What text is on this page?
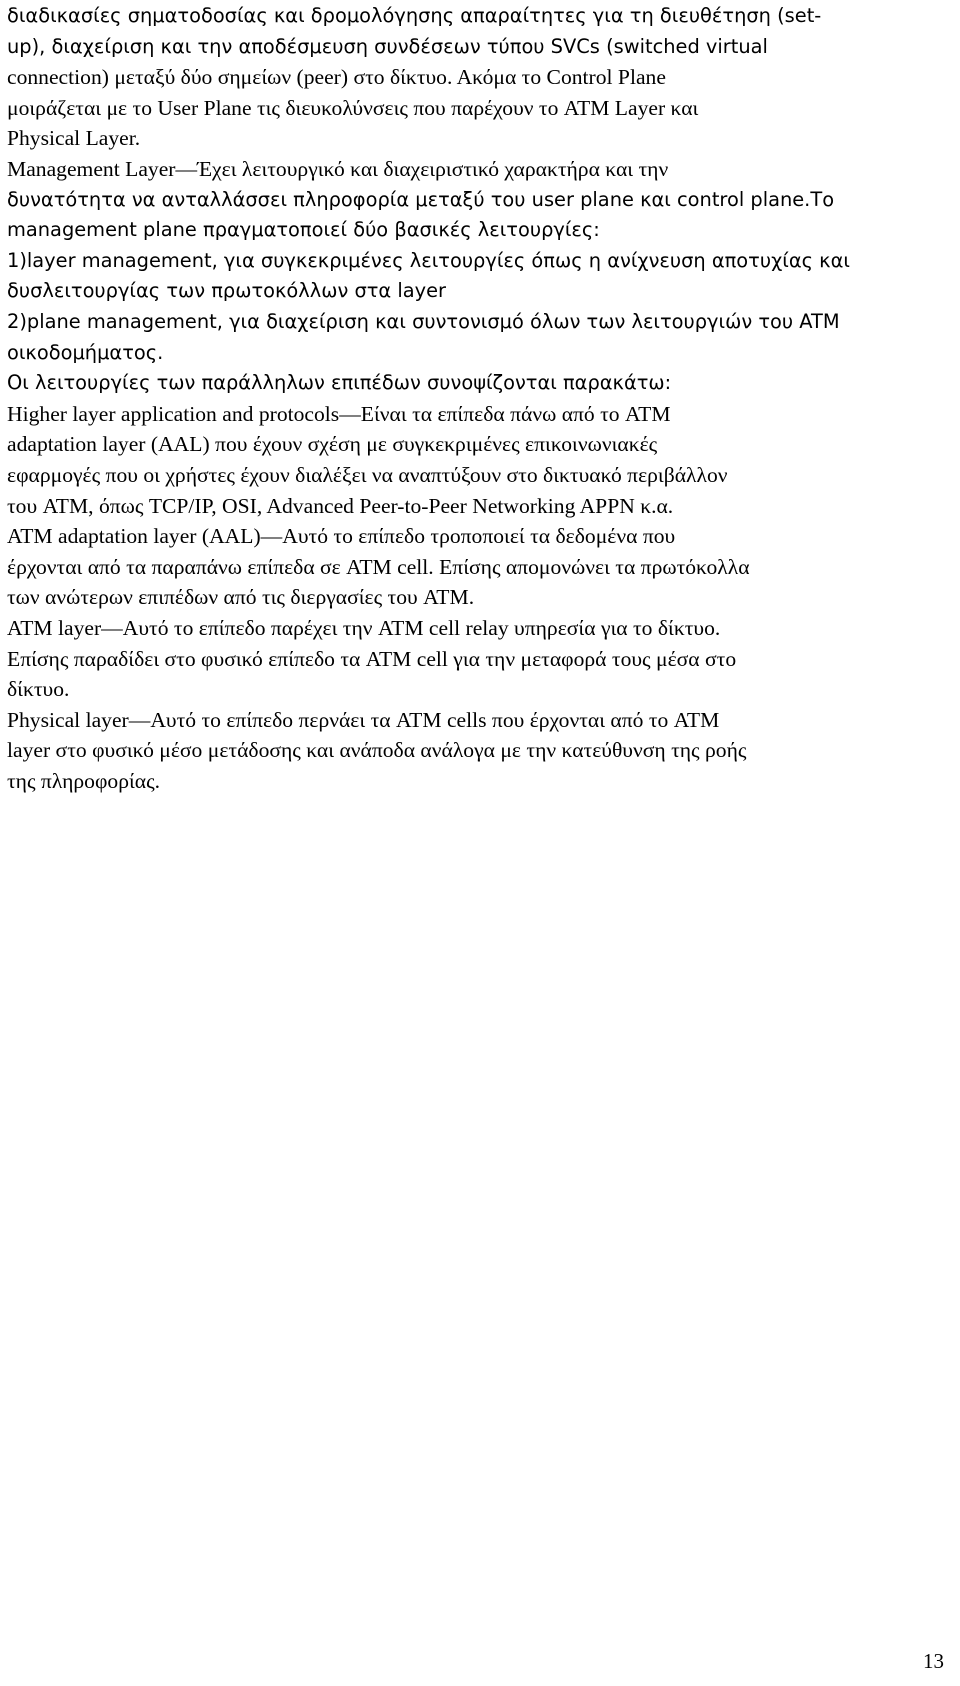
διαδικασίες σηματοδοσίας και δρομολόγησης απαραίτητες για τη διευθέτηση (set-

up), διαχείριση και την αποδέσμευση συνδέσεων τύπου SVCs (switched virtual

connection) μεταξύ δύο σημείων (peer) στο δίκτυο. Ακόμα το Control Plane

μοιράζεται με το User Plane τις διευκολύνσεις που παρέχουν το ATM Layer και

Physical Layer.

Management Layer—Έχει λειτουργικό και διαχειριστικό χαρακτήρα και την

δυνατότητα να ανταλλάσσει πληροφορία μεταξύ του user plane και control plane.Το

management plane πραγματοποιεί δύο βασικές λειτουργίες:

1)layer management, για συγκεκριμένες λειτουργίες όπως η ανίχνευση αποτυχίας και

δυσλειτουργίας των πρωτοκόλλων στα layer

2)plane management, για διαχείριση και συντονισμό όλων των λειτουργιών του ATM

οικοδομήματος.

Οι λειτουργίες των παράλληλων επιπέδων συνοψίζονται παρακάτω:

Higher layer application and protocols—Είναι τα επίπεδα πάνω από το ATM

adaptation layer (AAL) που έχουν σχέση με συγκεκριμένες επικοινωνιακές

εφαρμογές που οι χρήστες έχουν διαλέξει να αναπτύξουν στο δικτυακό περιβάλλον

του ATM, όπως TCP/IP, OSI, Advanced Peer-to-Peer Networking APPN κ.α.

ATM adaptation layer (AAL)—Αυτό το επίπεδο τροποποιεί τα δεδομένα που

έρχονται από τα παραπάνω επίπεδα σε ATM cell. Επίσης απομονώνει τα πρωτόκολλα

των ανώτερων επιπέδων από τις διεργασίες του ATM.

ATM layer—Αυτό το επίπεδο παρέχει την ATM cell relay υπηρεσία για το δίκτυο.

Επίσης παραδίδει στο φυσικό επίπεδο τα ATM cell για την μεταφορά τους μέσα στο

δίκτυο.

Physical layer—Αυτό το επίπεδο περνάει τα ATM cells που έρχονται από το ATM

layer στο φυσικό μέσο μετάδοσης και ανάποδα ανάλογα με την κατεύθυνση της ροής

της πληροφορίας.

13
